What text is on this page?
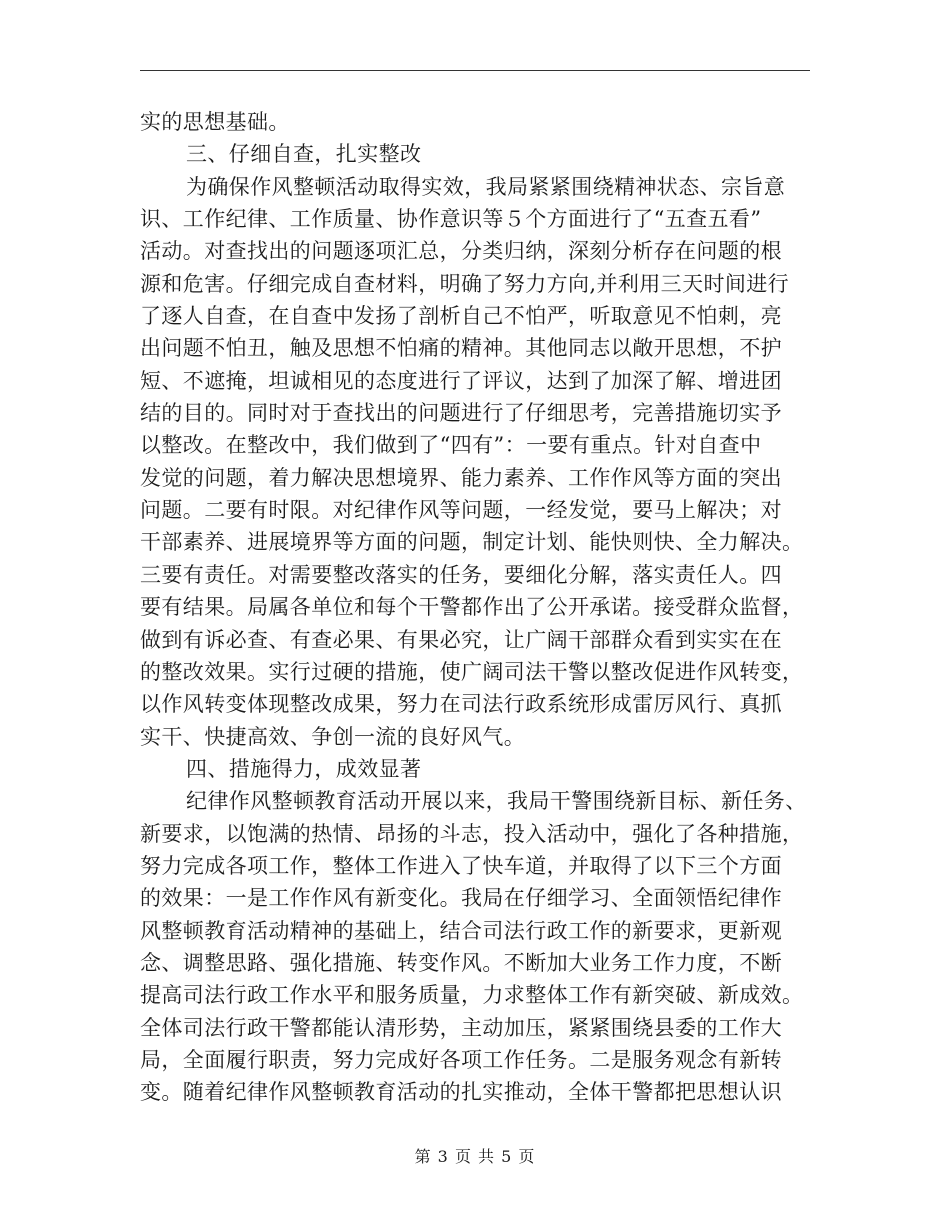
实的思想基础。
三、仔细自查，扎实整改
为确保作风整顿活动取得实效，我局紧紧围绕精神状态、宗旨意
识、工作纪律、工作质量、协作意识等５个方面进行了“五查五看”
活动。对查找出的问题逐项汇总，分类归纳，深刻分析存在问题的根
源和危害。仔细完成自查材料，明确了努力方向,并利用三天时间进行
了逐人自查，在自查中发扬了剖析自己不怕严，听取意见不怕刺，亮
出问题不怕丑，触及思想不怕痛的精神。其他同志以敞开思想，不护
短、不遮掩，坦诚相见的态度进行了评议，达到了加深了解、增进团
结的目的。同时对于查找出的问题进行了仔细思考，完善措施切实予
以整改。在整改中，我们做到了“四有”：一要有重点。针对自查中
发觉的问题，着力解决思想境界、能力素养、工作作风等方面的突出
问题。二要有时限。对纪律作风等问题，一经发觉，要马上解决；对
干部素养、进展境界等方面的问题，制定计划、能快则快、全力解决。
三要有责任。对需要整改落实的任务，要细化分解，落实责任人。四
要有结果。局属各单位和每个干警都作出了公开承诺。接受群众监督，
做到有诉必查、有查必果、有果必究，让广阔干部群众看到实实在在
的整改效果。实行过硬的措施，使广阔司法干警以整改促进作风转变，
以作风转变体现整改成果，努力在司法行政系统形成雷厉风行、真抓
实干、快捷高效、争创一流的良好风气。
四、措施得力，成效显著
纪律作风整顿教育活动开展以来，我局干警围绕新目标、新任务、
新要求，以饱满的热情、昂扬的斗志，投入活动中，强化了各种措施，
努力完成各项工作，整体工作进入了快车道，并取得了以下三个方面
的效果：一是工作作风有新变化。我局在仔细学习、全面领悟纪律作
风整顿教育活动精神的基础上，结合司法行政工作的新要求，更新观
念、调整思路、强化措施、转变作风。不断加大业务工作力度，不断
提高司法行政工作水平和服务质量，力求整体工作有新突破、新成效。
全体司法行政干警都能认清形势，主动加压，紧紧围绕县委的工作大
局，全面履行职责，努力完成好各项工作任务。二是服务观念有新转
变。随着纪律作风整顿教育活动的扎实推动，全体干警都把思想认识
第 3 页 共 5 页
